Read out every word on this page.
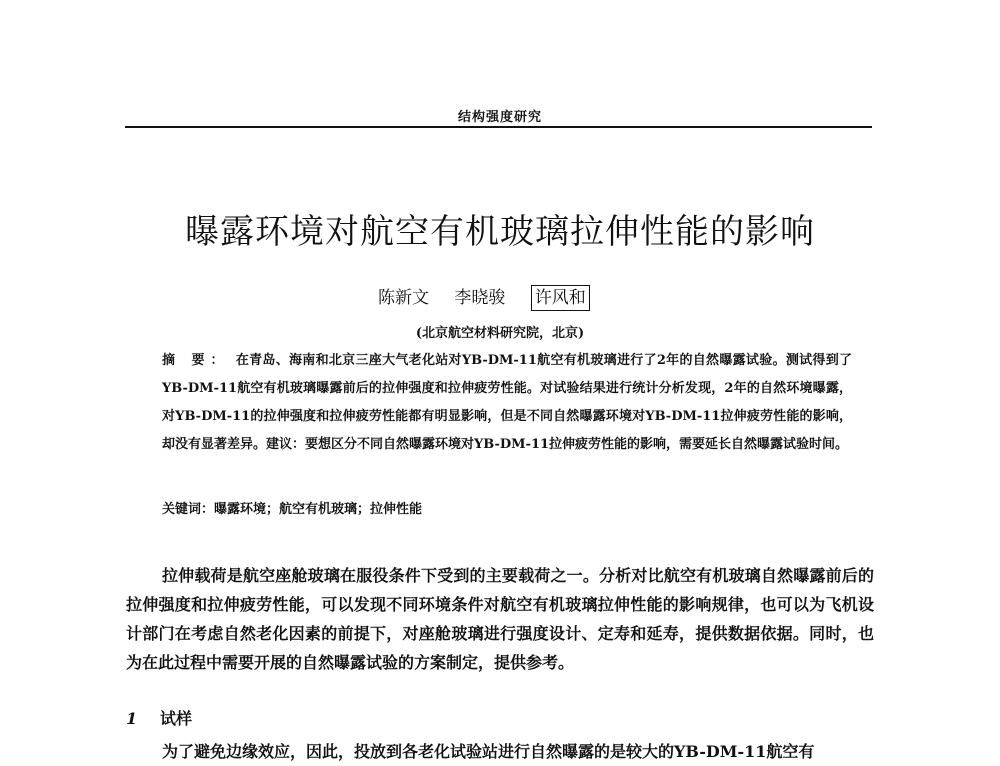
结构强度研究
曝露环境对航空有机玻璃拉伸性能的影响
陈新文 李晓骏 许风和
(北京航空材料研究院，北京)
摘 要： 在青岛、海南和北京三座大气老化站对YB-DM-11航空有机玻璃进行了2年的自然曝露试验。测试得到了YB-DM-11航空有机玻璃曝露前后的拉伸强度和拉伸疲劳性能。对试验结果进行统计分析发现，2年的自然环境曝露，对YB-DM-11的拉伸强度和拉伸疲劳性能都有明显影响，但是不同自然曝露环境对YB-DM-11拉伸疲劳性能的影响，却没有显著差异。建议：要想区分不同自然曝露环境对YB-DM-11拉伸疲劳性能的影响，需要延长自然曝露试验时间。
关键词：曝露环境；航空有机玻璃；拉伸性能
拉伸载荷是航空座舱玻璃在服役条件下受到的主要载荷之一。分析对比航空有机玻璃自然曝露前后的拉伸强度和拉伸疲劳性能，可以发现不同环境条件对航空有机玻璃拉伸性能的影响规律，也可以为飞机设计部门在考虑自然老化因素的前提下，对座舱玻璃进行强度设计、定寿和延寿，提供数据依据。同时，也为在此过程中需要开展的自然曝露试验的方案制定，提供参考。
1 试样
为了避免边缘效应，因此，投放到各老化试验站进行自然曝露的是较大的YB-DM-11航空有
